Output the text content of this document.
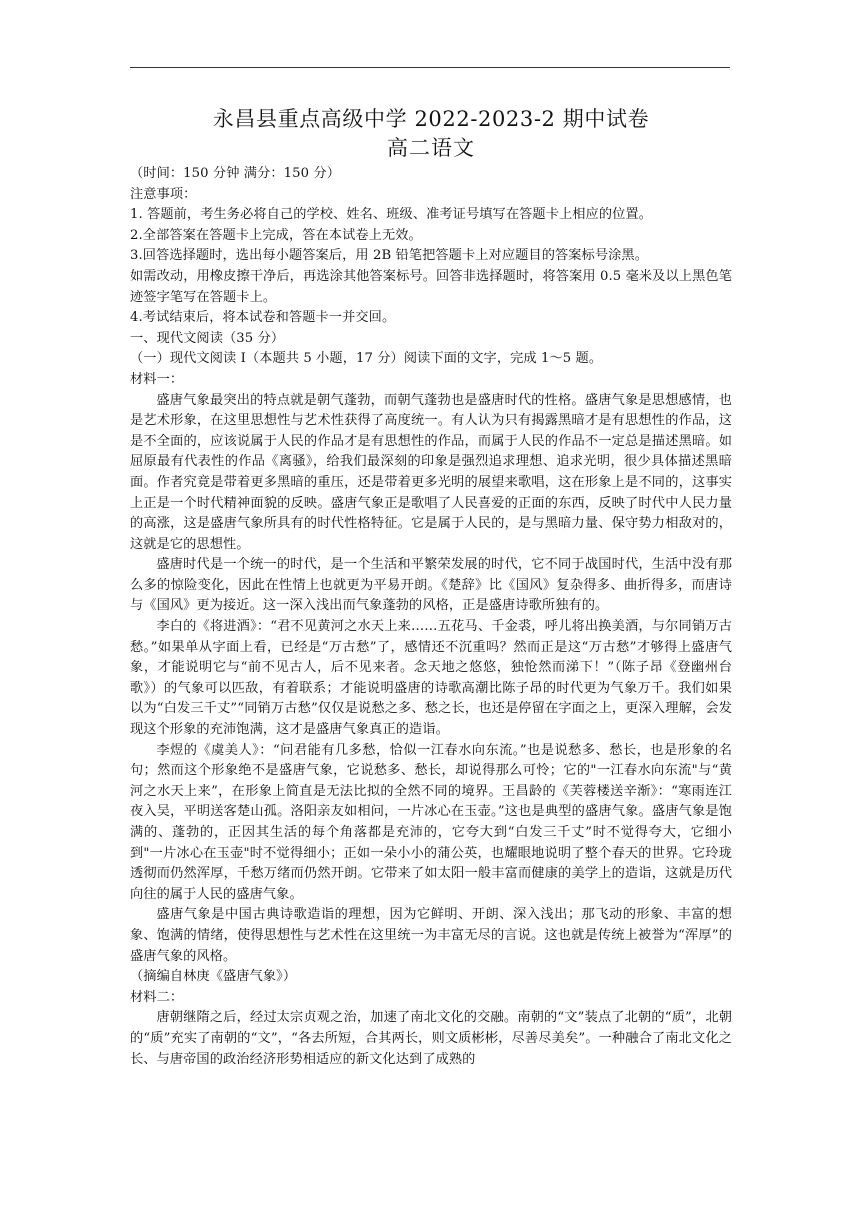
永昌县重点高级中学 2022-2023-2 期中试卷
高二语文

（时间：150 分钟 满分：150 分）

注意事项：

1. 答题前，考生务必将自己的学校、姓名、班级、准考证号填写在答题卡上相应的位置。

2.全部答案在答题卡上完成，答在本试卷上无效。

3.回答选择题时，选出每小题答案后，用 2B 铅笔把答题卡上对应题目的答案标号涂黑。

如需改动，用橡皮擦干净后，再选涂其他答案标号。回答非选择题时，将答案用 0.5 毫米及以上黑色笔迹签字笔写在答题卡上。

4.考试结束后，将本试卷和答题卡一并交回。

一、现代文阅读（35 分）

（一）现代文阅读 I（本题共 5 小题，17 分）阅读下面的文字，完成 1～5 题。

材料一：

盛唐气象最突出的特点就是朝气蓬勃，而朝气蓬勃也是盛唐时代的性格。盛唐气象是思想感情，也是艺术形象，在这里思想性与艺术性获得了高度统一。有人认为只有揭露黑暗才是有思想性的作品，这是不全面的，应该说属于人民的作品才是有思想性的作品，而属于人民的作品不一定总是描述黑暗。如屈原最有代表性的作品《离骚》，给我们最深刻的印象是强烈追求理想、追求光明，很少具体描述黑暗面。作者究竟是带着更多黑暗的重压，还是带着更多光明的展望来歌唱，这在形象上是不同的，这事实上正是一个时代精神面貌的反映。盛唐气象正是歌唱了人民喜爱的正面的东西，反映了时代中人民力量的高涨，这是盛唐气象所具有的时代性格特征。它是属于人民的，是与黑暗力量、保守势力相敌对的，这就是它的思想性。

盛唐时代是一个统一的时代，是一个生活和平繁荣发展的时代，它不同于战国时代，生活中没有那么多的惊险变化，因此在性情上也就更为平易开朗。《楚辞》比《国风》复杂得多、曲折得多，而唐诗与《国风》更为接近。这一深入浅出而气象蓬勃的风格，正是盛唐诗歌所独有的。

李白的《将进酒》：“君不见黄河之水天上来……五花马、千金裘，呼儿将出换美酒，与尔同销万古愁。”如果单从字面上看，已经是“万古愁”了，感情还不沉重吗？然而正是这“万古愁”才够得上盛唐气象，才能说明它与“前不见古人，后不见来者。念天地之悠悠，独怆然而涕下！”（陈子昂《登幽州台歌》）的气象可以匹敌，有着联系；才能说明盛唐的诗歌高潮比陈子昂的时代更为气象万千。我们如果以为“白发三千丈”“同销万古愁”仅仅是说愁之多、愁之长，也还是停留在字面之上，更深入理解，会发现这个形象的充沛饱满，这才是盛唐气象真正的造诣。

李煜的《虞美人》：“问君能有几多愁，恰似一江春水向东流。”也是说愁多、愁长，也是形象的名句；然而这个形象绝不是盛唐气象，它说愁多、愁长，却说得那么可怜；它的"一江春水向东流"与“黄河之水天上来”，在形象上简直是无法比拟的全然不同的境界。王昌龄的《芙蓉楼送辛渐》：“寒雨连江夜入吴，平明送客楚山孤。洛阳亲友如相问，一片冰心在玉壶。”这也是典型的盛唐气象。盛唐气象是饱满的、蓬勃的，正因其生活的每个角落都是充沛的，它夸大到“白发三千丈”时不觉得夸大，它细小到"一片冰心在玉壶"时不觉得细小；正如一朵小小的蒲公英，也耀眼地说明了整个春天的世界。它玲珑透彻而仍然浑厚，千愁万绪而仍然开朗。它带来了如太阳一般丰富而健康的美学上的造诣，这就是历代向往的属于人民的盛唐气象。

盛唐气象是中国古典诗歌造诣的理想，因为它鲜明、开朗、深入浅出；那飞动的形象、丰富的想象、饱满的情绪，使得思想性与艺术性在这里统一为丰富无尽的言说。这也就是传统上被誉为“浑厚”的盛唐气象的风格。

（摘编自林庚《盛唐气象》）

材料二：

唐朝继隋之后，经过太宗贞观之治，加速了南北文化的交融。南朝的“文”装点了北朝的“质”，北朝的“质”充实了南朝的“文”，“各去所短，合其两长，则文质彬彬，尽善尽美矣”。一种融合了南北文化之长、与唐帝国的政治经济形势相适应的新文化达到了成熟的
